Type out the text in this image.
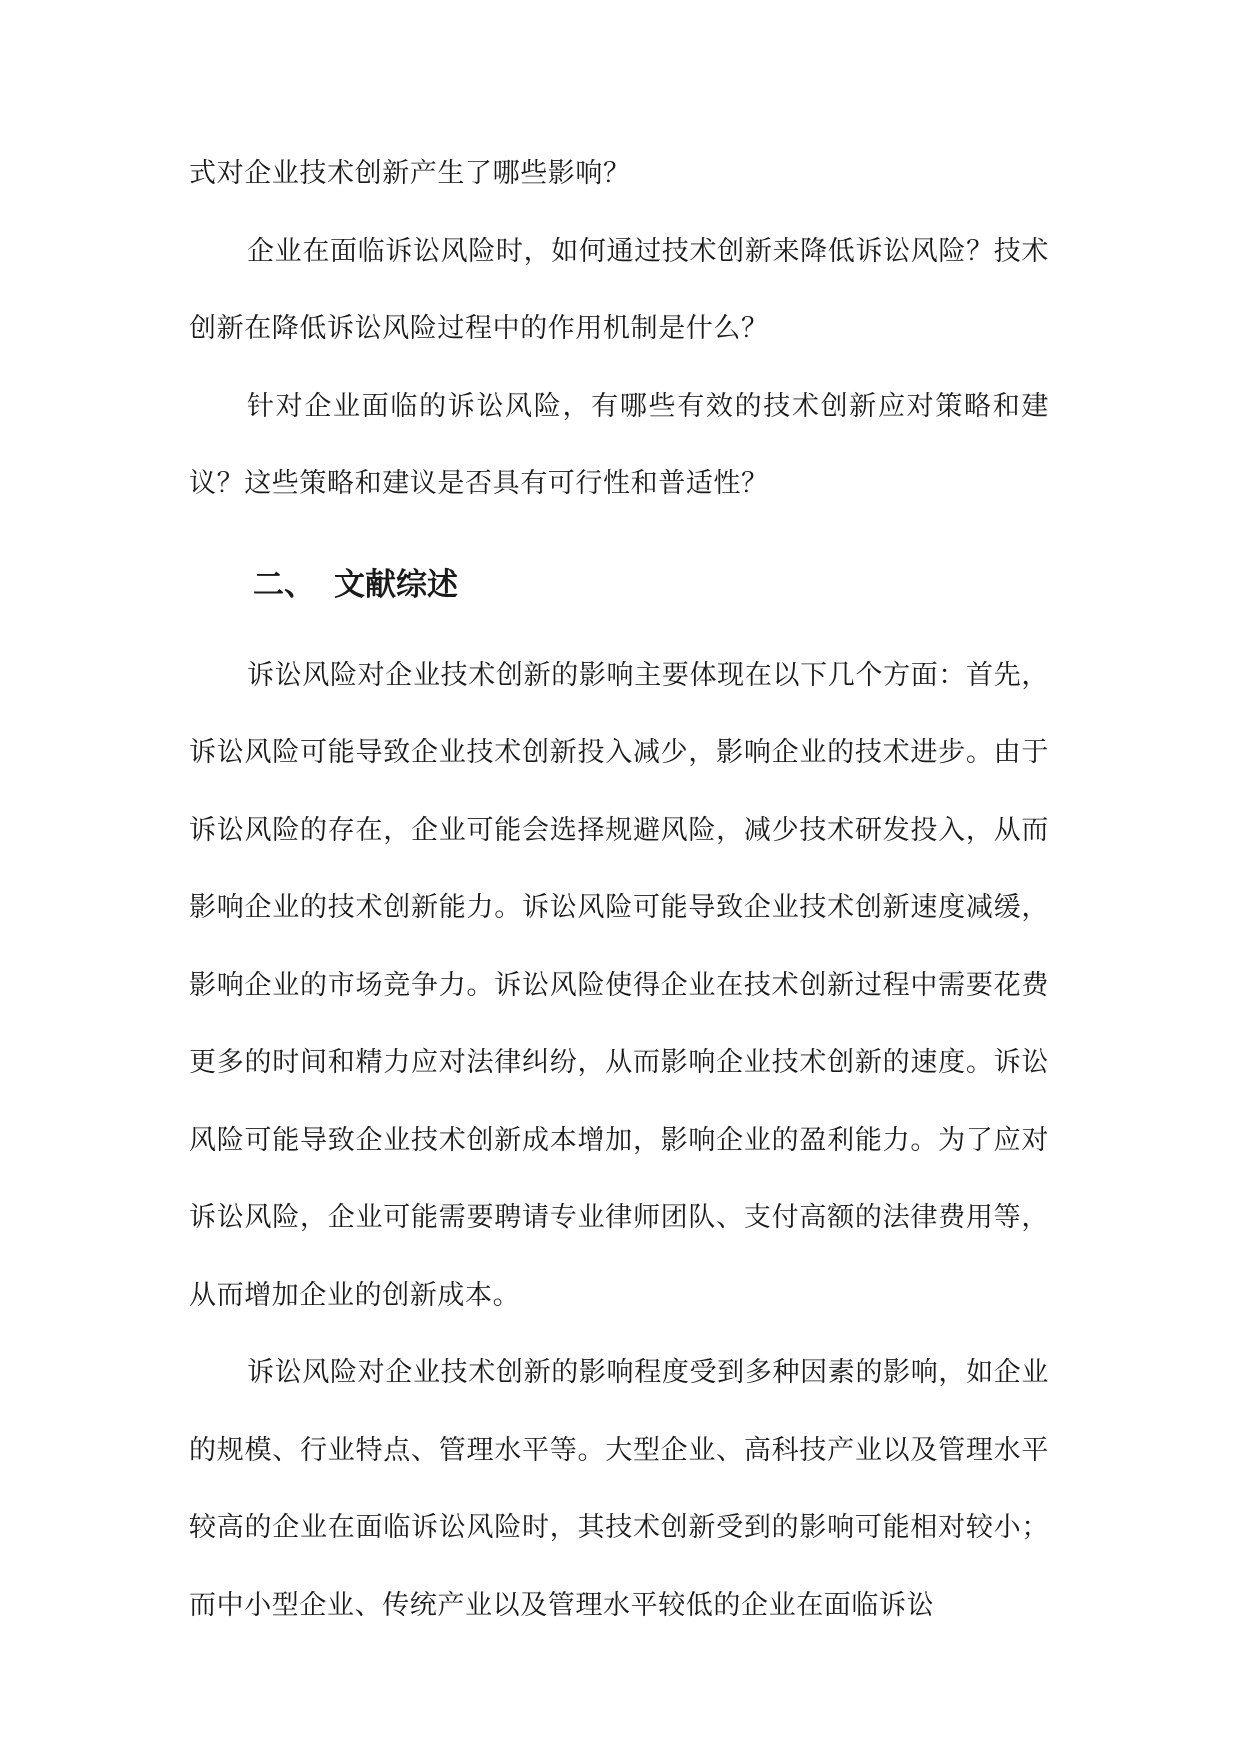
式对企业技术创新产生了哪些影响？

企业在面临诉讼风险时，如何通过技术创新来降低诉讼风险？技术创新在降低诉讼风险过程中的作用机制是什么？

针对企业面临的诉讼风险，有哪些有效的技术创新应对策略和建议？这些策略和建议是否具有可行性和普适性？

二、 文献综述

诉讼风险对企业技术创新的影响主要体现在以下几个方面：首先，诉讼风险可能导致企业技术创新投入减少，影响企业的技术进步。由于诉讼风险的存在，企业可能会选择规避风险，减少技术研发投入，从而影响企业的技术创新能力。诉讼风险可能导致企业技术创新速度减缓，影响企业的市场竞争力。诉讼风险使得企业在技术创新过程中需要花费更多的时间和精力应对法律纠纷，从而影响企业技术创新的速度。诉讼风险可能导致企业技术创新成本增加，影响企业的盈利能力。为了应对诉讼风险，企业可能需要聘请专业律师团队、支付高额的法律费用等，从而增加企业的创新成本。

诉讼风险对企业技术创新的影响程度受到多种因素的影响，如企业的规模、行业特点、管理水平等。大型企业、高科技产业以及管理水平较高的企业在面临诉讼风险时，其技术创新受到的影响可能相对较小；而中小型企业、传统产业以及管理水平较低的企业在面临诉讼
